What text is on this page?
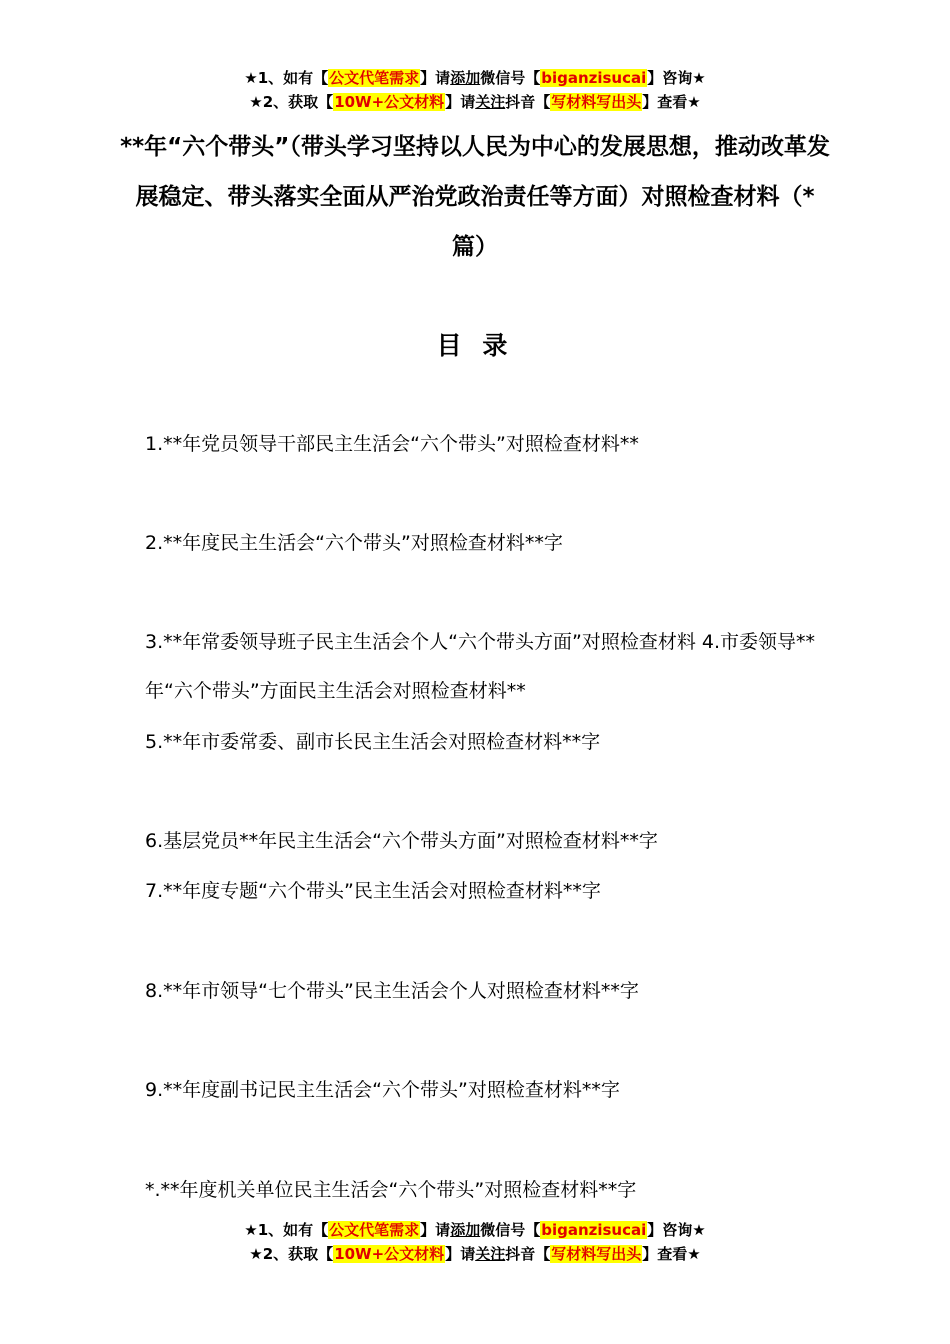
★1、如有【公文代笔需求】请添加微信号【biganzisucai】咨询★
★2、获取【10W+公文材料】请关注抖音【写材料写出头】查看★
**年“六个带头”（带头学习坚持以人民为中心的发展思想，推动改革发展稳定、带头落实全面从严治党政治责任等方面）对照检查材料（*篇）
目 录
1.**年党员领导干部民主生活会“六个带头”对照检查材料**
2.**年度民主生活会“六个带头”对照检查材料**字
3.**年常委领导班子民主生活会个人“六个带头方面”对照检查材料 4.市委领导**年“六个带头”方面民主生活会对照检查材料**
5.**年市委常委、副市长民主生活会对照检查材料**字
6.基层党员**年民主生活会“六个带头方面”对照检查材料**字
7.**年度专题“六个带头”民主生活会对照检查材料**字
8.**年市领导“七个带头”民主生活会个人对照检查材料**字
9.**年度副书记民主生活会“六个带头”对照检查材料**字
*.**年度机关单位民主生活会“六个带头”对照检查材料**字
★1、如有【公文代笔需求】请添加微信号【biganzisucai】咨询★
★2、获取【10W+公文材料】请关注抖音【写材料写出头】查看★
